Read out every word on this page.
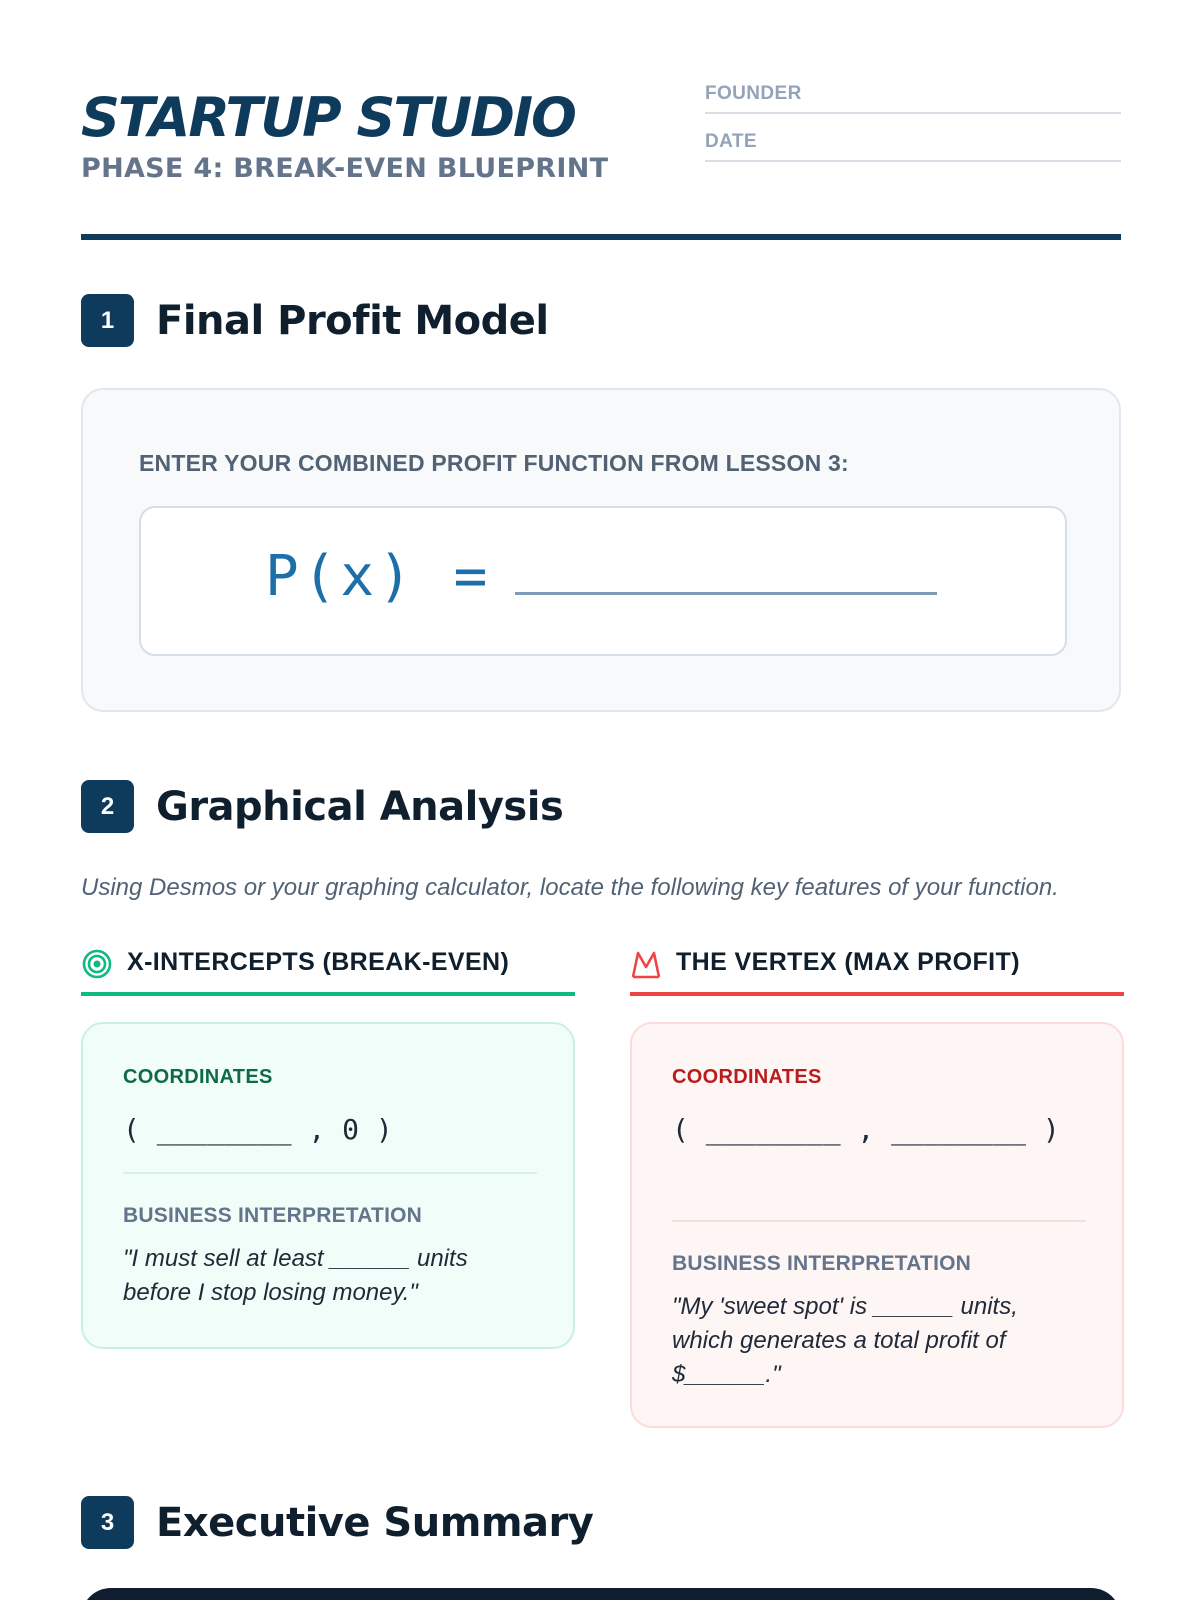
STARTUP STUDIO
PHASE 4: BREAK-EVEN BLUEPRINT
FOUNDER
DATE
1	Final Profit Model
ENTER YOUR COMBINED PROFIT FUNCTION FROM LESSON 3:
P(x) =
2	Graphical Analysis
Using Desmos or your graphing calculator, locate the following key features of your function.
X-INTERCEPTS (BREAK-EVEN)	THE VERTEX (MAX PROFIT)
COORDINATES
( ________ , 0 )
BUSINESS INTERPRETATION
"I must sell at least ______ units before I stop losing money."
COORDINATES
( ________ , ________ )
BUSINESS INTERPRETATION
"My 'sweet spot' is ______ units, which generates a total profit of $______."
3	Executive Summary
